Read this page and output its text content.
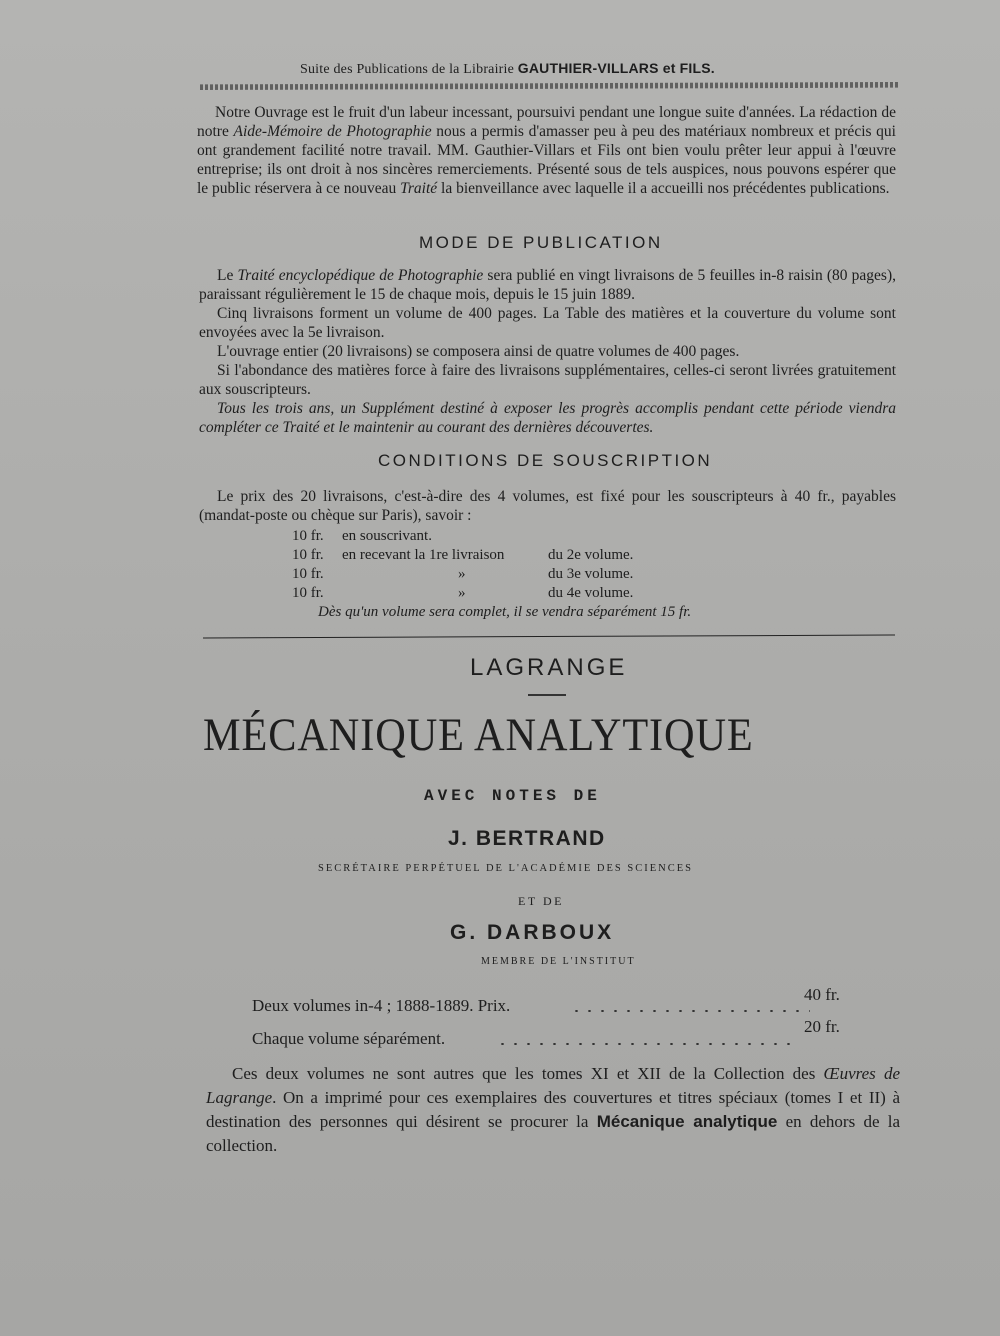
Suite des Publications de la Librairie GAUTHIER-VILLARS et FILS.

Notre Ouvrage est le fruit d'un labeur incessant, poursuivi pendant une longue suite d'années. La rédaction de notre Aide-Mémoire de Photographie nous a permis d'amasser peu à peu des matériaux nombreux et précis qui ont grandement facilité notre travail. MM. Gauthier-Villars et Fils ont bien voulu prêter leur appui à l'œuvre entreprise; ils ont droit à nos sincères remerciements. Présenté sous de tels auspices, nous pouvons espérer que le public réservera à ce nouveau Traité la bienveillance avec laquelle il a accueilli nos précédentes publications.

MODE DE PUBLICATION

Le Traité encyclopédique de Photographie sera publié en vingt livraisons de 5 feuilles in-8 raisin (80 pages), paraissant régulièrement le 15 de chaque mois, depuis le 15 juin 1889.

Cinq livraisons forment un volume de 400 pages. La Table des matières et la couverture du volume sont envoyées avec la 5e livraison.

L'ouvrage entier (20 livraisons) se composera ainsi de quatre volumes de 400 pages.

Si l'abondance des matières force à faire des livraisons supplémentaires, celles-ci seront livrées gratuitement aux souscripteurs.

Tous les trois ans, un Supplément destiné à exposer les progrès accomplis pendant cette période viendra compléter ce Traité et le maintenir au courant des dernières découvertes.

CONDITIONS DE SOUSCRIPTION

Le prix des 20 livraisons, c'est-à-dire des 4 volumes, est fixé pour les souscripteurs à 40 fr., payables (mandat-poste ou chèque sur Paris), savoir :

10 fr. en souscrivant.
10 fr. en recevant la 1re livraison	du 2e volume.
10 fr.	»	du 3e volume.
10 fr.	»	du 4e volume.
Dès qu'un volume sera complet, il se vendra séparément 15 fr.
LAGRANGE
MÉCANIQUE ANALYTIQUE
AVEC NOTES DE
J. BERTRAND
SECRÉTAIRE PERPÉTUEL DE L'ACADÉMIE DES SCIENCES
ET DE
G. DARBOUX
MEMBRE DE L'INSTITUT
Deux volumes in-4 ; 1888-1889. Prix.
40 fr.
Chaque volume séparément.
20 fr.

Ces deux volumes ne sont autres que les tomes XI et XII de la Collection des Œuvres de Lagrange. On a imprimé pour ces exemplaires des couvertures et titres spéciaux (tomes I et II) à destination des personnes qui désirent se procurer la Mécanique analytique en dehors de la collection.
